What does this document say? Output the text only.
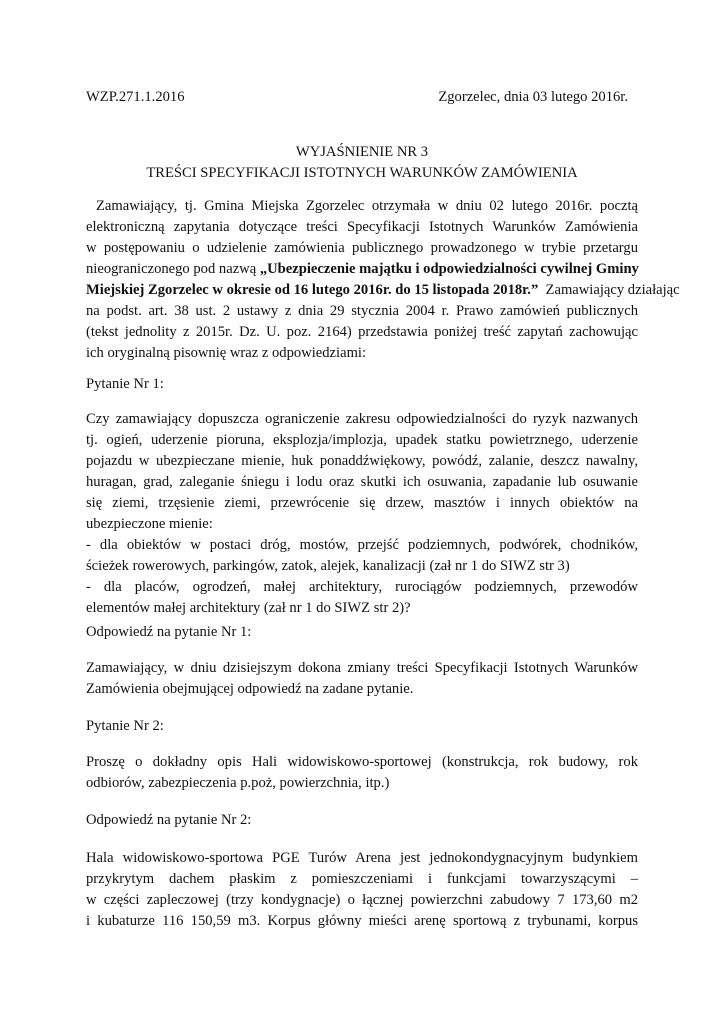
WZP.271.1.2016	Zgorzelec, dnia 03 lutego 2016r.
WYJAŚNIENIE NR 3
TREŚCI SPECYFIKACJI ISTOTNYCH WARUNKÓW ZAMÓWIENIA
Zamawiający, tj. Gmina Miejska Zgorzelec otrzymała w dniu 02 lutego 2016r. pocztą
elektroniczną zapytania dotyczące treści Specyfikacji Istotnych Warunków Zamówienia
w postępowaniu o udzielenie zamówienia publicznego prowadzonego w trybie przetargu
nieograniczonego pod nazwą „Ubezpieczenie majątku i odpowiedzialności cywilnej Gminy
Miejskiej Zgorzelec w okresie od 16 lutego 2016r. do 15 listopada 2018r.”  Zamawiający działając
na podst. art. 38 ust. 2 ustawy z dnia 29 stycznia 2004 r. Prawo zamówień publicznych
(tekst jednolity z 2015r. Dz. U. poz. 2164) przedstawia poniżej treść zapytań zachowując
ich oryginalną pisownię wraz z odpowiedziami:
Pytanie Nr 1:
Czy zamawiający dopuszcza ograniczenie zakresu odpowiedzialności do ryzyk nazwanych
tj. ogień, uderzenie pioruna, eksplozja/implozja, upadek statku powietrznego, uderzenie
pojazdu w ubezpieczane mienie, huk ponaddźwiękowy, powódź, zalanie, deszcz nawalny,
huragan, grad, zaleganie śniegu i lodu oraz skutki ich osuwania, zapadanie lub osuwanie
się ziemi, trzęsienie ziemi, przewrócenie się drzew, masztów i innych obiektów na
ubezpieczone mienie:
- dla obiektów w postaci dróg, mostów, przejść podziemnych, podwórek, chodników,
ścieżek rowerowych, parkingów, zatok, alejek, kanalizacji (zał nr 1 do SIWZ str 3)
- dla placów, ogrodzeń, małej architektury, rurociągów podziemnych, przewodów
elementów małej architektury (zał nr 1 do SIWZ str 2)?
Odpowiedź na pytanie Nr 1:
Zamawiający, w dniu dzisiejszym dokona zmiany treści Specyfikacji Istotnych Warunków
Zamówienia obejmującej odpowiedź na zadane pytanie.
Pytanie Nr 2:
Proszę o dokładny opis Hali widowiskowo-sportowej (konstrukcja, rok budowy, rok
odbiorów, zabezpieczenia p.poż, powierzchnia, itp.)
Odpowiedź na pytanie Nr 2:
Hala widowiskowo-sportowa PGE Turów Arena jest jednokondygnacyjnym budynkiem
przykrytym dachem płaskim z pomieszczeniami i funkcjami towarzyszącymi –
w części zapleczowej (trzy kondygnacje) o łącznej powierzchni zabudowy 7 173,60 m2
i kubaturze 116 150,59 m3. Korpus główny mieści arenę sportową z trybunami, korpus
